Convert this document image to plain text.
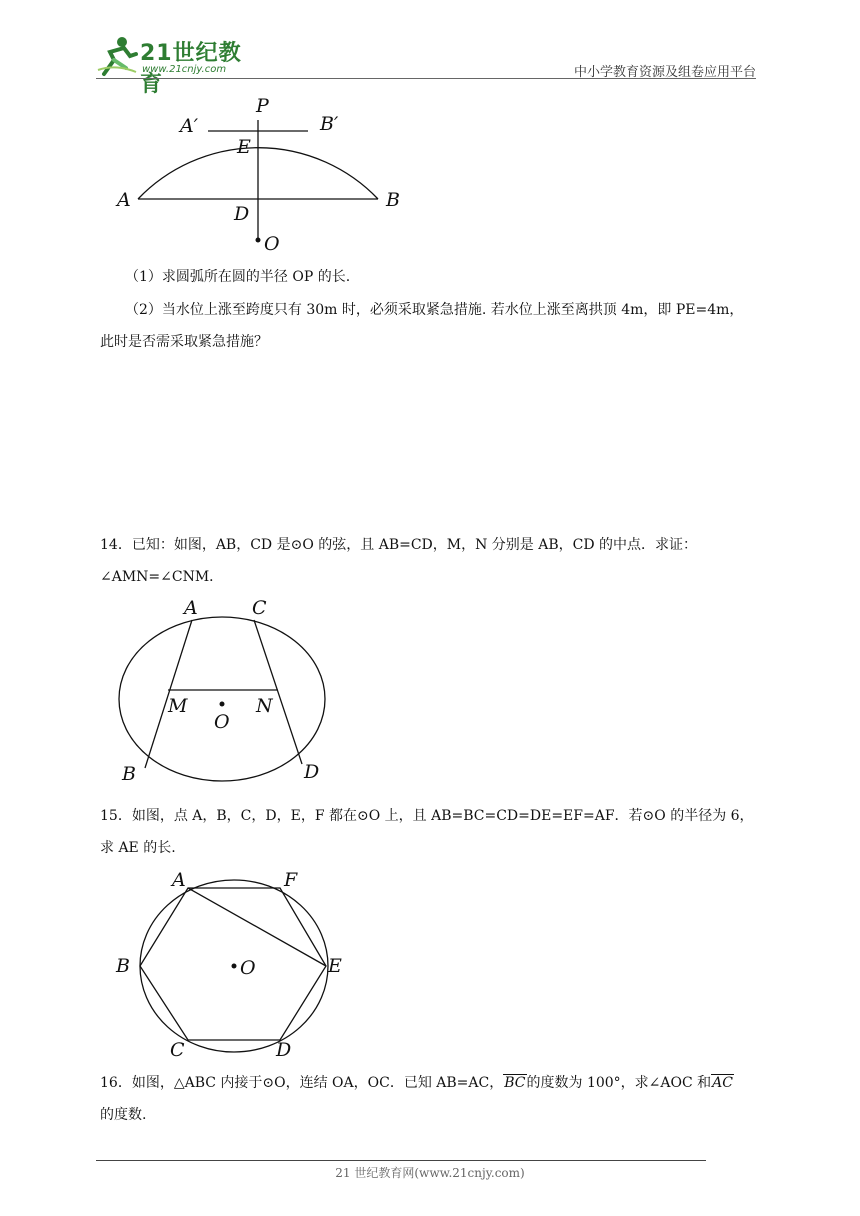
21世纪教育
www.21cnjy.com	中小学教育资源及组卷应用平台
P
A′	B′
E
A	B
D
O
（1）求圆弧所在圆的半径 OP 的长.
（2）当水位上涨至跨度只有 30m 时，必须采取紧急措施. 若水位上涨至离拱顶 4m，即 PE=4m，
此时是否需采取紧急措施？
14．已知：如图，AB，CD 是⊙O 的弦，且 AB=CD，M，N 分别是 AB，CD 的中点．求证：
∠AMN=∠CNM．
A	C
M	N
O
B	D
15．如图，点 A，B，C，D，E，F 都在⊙O 上，且 AB=BC=CD=DE=EF=AF．若⊙O 的半径为 6，
求 AE 的长.
A	F
B	O	E
C	D
16．如图，△ABC 内接于⊙O，连结 OA，OC．已知 AB=AC，BC的度数为 100°，求∠AOC 和AC
的度数.
21 世纪教育网(www.21cnjy.com)
